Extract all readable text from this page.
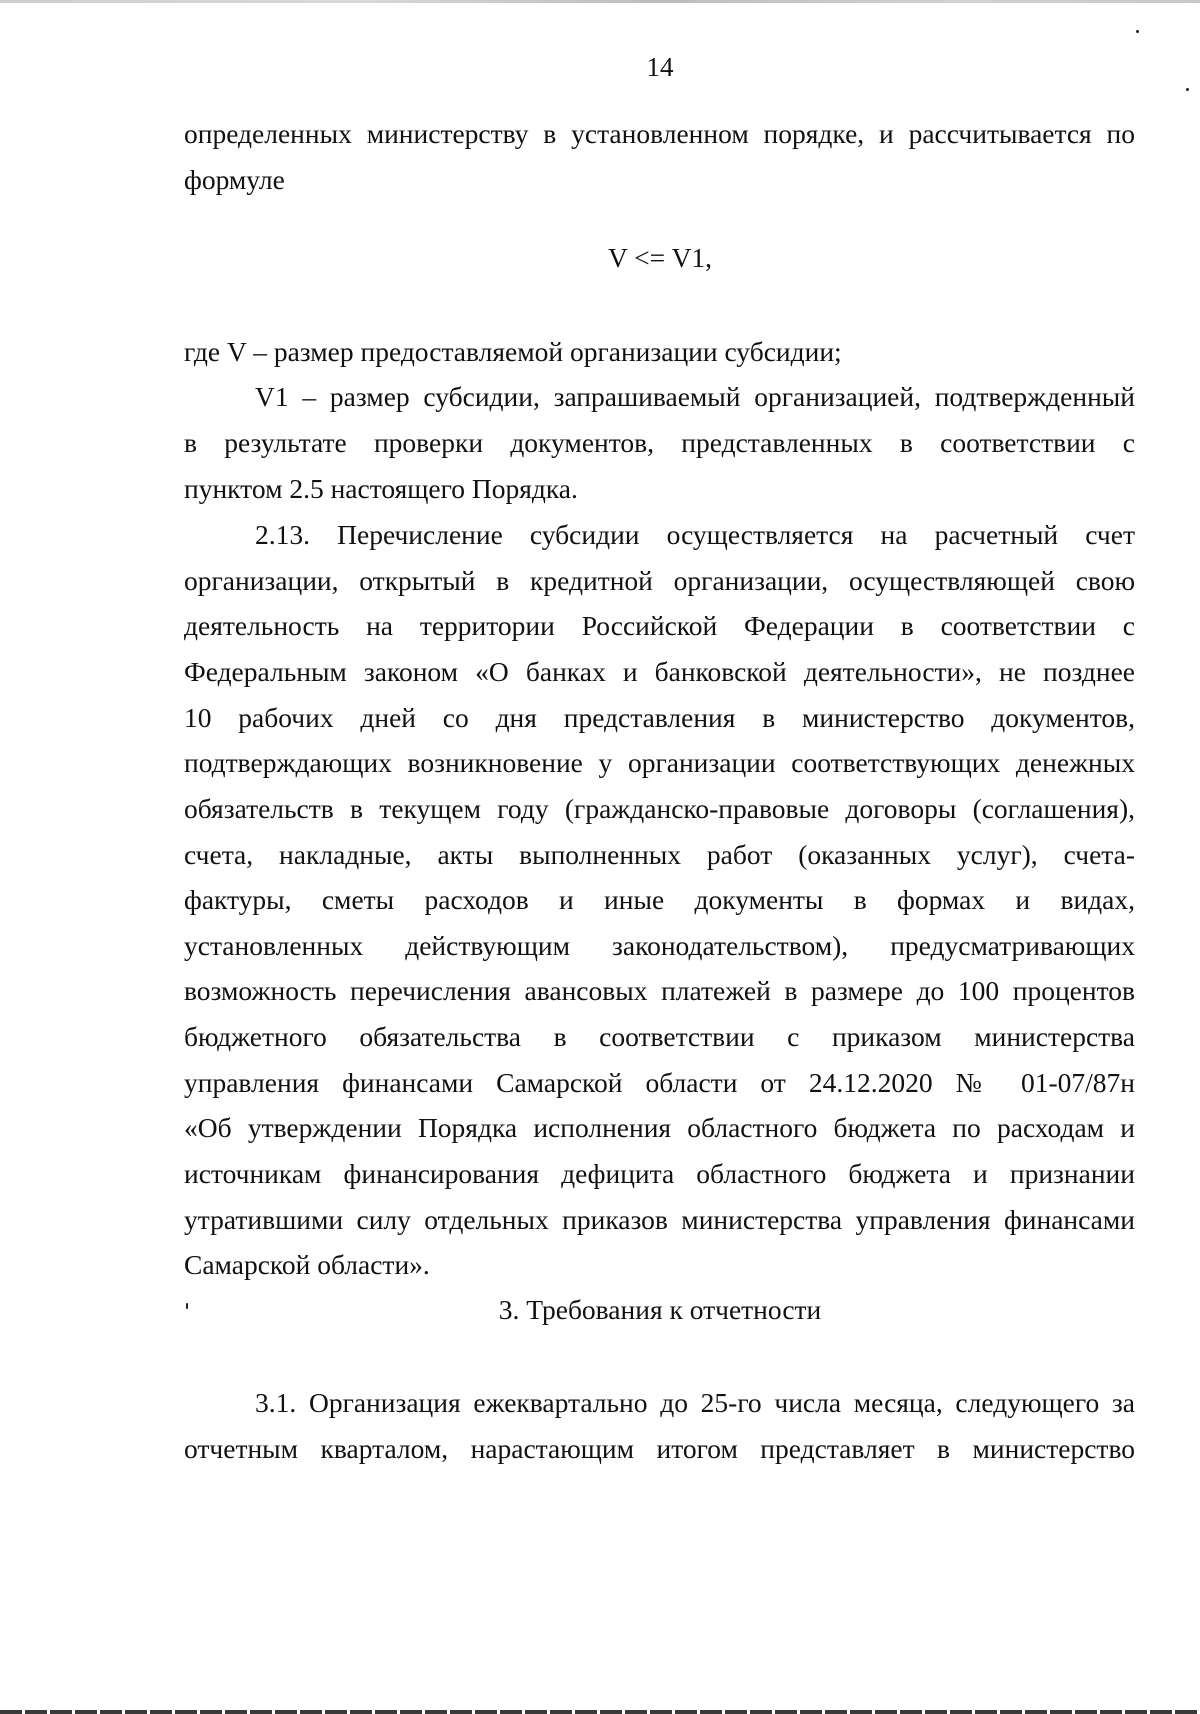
14
определенных министерству в установленном порядке, и рассчитывается по
формуле
V <= V1,
где V – размер предоставляемой организации субсидии;
V1 – размер субсидии, запрашиваемый организацией, подтвержденный
в результате проверки документов, представленных в соответствии с
пунктом 2.5 настоящего Порядка.
2.13. Перечисление субсидии осуществляется на расчетный счет
организации, открытый в кредитной организации, осуществляющей свою
деятельность на территории Российской Федерации в соответствии с
Федеральным законом «О банках и банковской деятельности», не позднее
10 рабочих дней со дня представления в министерство документов,
подтверждающих возникновение у организации соответствующих денежных
обязательств в текущем году (гражданско-правовые договоры (соглашения),
счета, накладные, акты выполненных работ (оказанных услуг), счета-
фактуры, сметы расходов и иные документы в формах и видах,
установленных действующим законодательством), предусматривающих
возможность перечисления авансовых платежей в размере до 100 процентов
бюджетного обязательства в соответствии с приказом министерства
управления финансами Самарской области от 24.12.2020 № 01-07/87н
«Об утверждении Порядка исполнения областного бюджета по расходам и
источникам финансирования дефицита областного бюджета и признании
утратившими силу отдельных приказов министерства управления финансами
Самарской области».
3. Требования к отчетности
3.1. Организация ежеквартально до 25-го числа месяца, следующего за
отчетным кварталом, нарастающим итогом представляет в министерство
